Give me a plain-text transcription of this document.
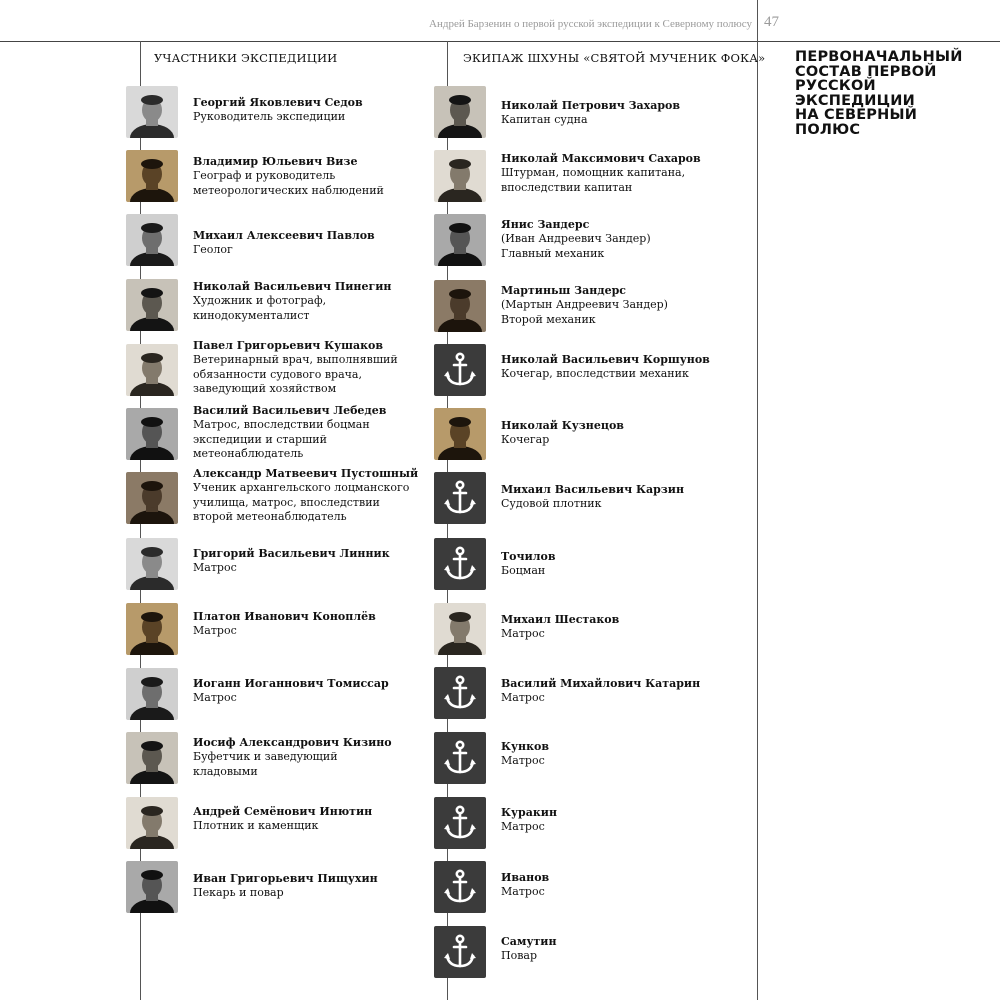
Андрей Барзенин о первой русской экспедиции к Северному полюсу 47
УЧАСТНИКИ ЭКСПЕДИЦИИ	ЭКИПАЖ ШХУНЫ «СВЯТОЙ МУЧЕНИК ФОКА» ПЕРВОНАЧАЛЬНЫЙ
СОСТАВ ПЕРВОЙ
РУССКОЙ
ЭКСПЕДИЦИИ
НА СЕВЕРНЫЙ
ПОЛЮС
Георгий Яковлевич Седов
Руководитель экспедиции
Владимир Юльевич Визе
Географ и руководитель
метеорологических наблюдений
Михаил Алексеевич Павлов
Геолог
Николай Васильевич Пинегин
Художник и фотограф,
кинодокументалист
Павел Григорьевич Кушаков
Ветеринарный врач, выполнявший
обязанности судового врача,
заведующий хозяйством
Василий Васильевич Лебедев
Матрос, впоследствии боцман
экспедиции и старший
метеонаблюдатель
Александр Матвеевич Пустошный
Ученик архангельского лоцманского
училища, матрос, впоследствии
второй метеонаблюдатель
Григорий Васильевич Линник
Матрос
Платон Иванович Коноплёв
Матрос
Иоганн Иоганнович Томиссар
Матрос
Иосиф Александрович Кизино
Буфетчик и заведующий
кладовыми
Андрей Семёнович Инютин
Плотник и каменщик
Иван Григорьевич Пищухин
Пекарь и повар
Николай Петрович Захаров
Капитан судна
Николай Максимович Сахаров
Штурман, помощник капитана,
впоследствии капитан
Янис Зандерс
(Иван Андреевич Зандер)
Главный механик
Мартиньш Зандерс
(Мартын Андреевич Зандер)
Второй механик
Николай Васильевич Коршунов
Кочегар, впоследствии механик
Николай Кузнецов
Кочегар
Михаил Васильевич Карзин
Судовой плотник
Точилов
Боцман
Михаил Шестаков
Матрос
Василий Михайлович Катарин
Матрос
Кунков
Матрос
Куракин
Матрос
Иванов
Матрос
Самутин
Повар
